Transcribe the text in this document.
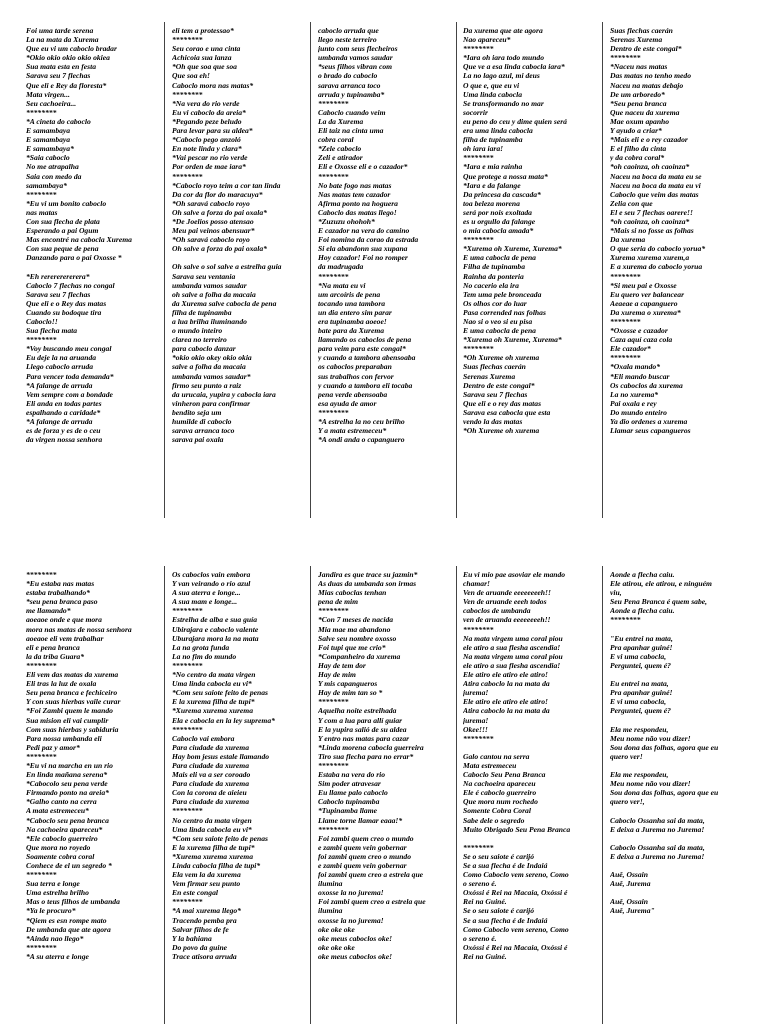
Foi uma tarde serena
La na mata da Xurema
Que eu vi um caboclo bradar
*Okio okio okio okio okiea
Sua mata esta en festa
Sarava seu 7 flechas
Que eli e Rey da floresta*
Mata virgen...
Seu cachoeira...
********
*A cineta do caboclo
E samambaya
E samambaya
E samambaya*
*Saia caboclo
No me atrapalha
Saia con medo da
samambaya*
********
*Eu vi um bonito caboclo
nas matas
Con sua flecha de plata
Esperando a pai Ogum
Mas encontré na cabocla Xurema
Con sua peque de pena
Danzando para o pai Oxosse *

*Eh rerererererera*
Caboclo 7 flechas no congal
Sarava seu 7 flechas
Que eli e o Rey das matas
Cuando su bodoque tira
Caboclo!!
Sua flecha mata
********
*Voy buscando meu congal
Eu deje la na aruanda
Llego caboclo arruda
Para vencer toda demanda*
*A falange de arruda
Vem sempre com a bondade
Eli anda en todas partes
espalhando a caridade*
*A falange de arruda
es de forza y es de o ceu
da virgen nossa senhora
eli tem a protessao*
********
Seu corao e una cinta
Achicoia sua lanza
*Oh que soa que soa
Que soa eh!
Caboclo mora nas matas*
********
*Na vera do rio verde
Eu vi caboclo da areia*
*Pegando peze beludo
Para levar para su aldea*
*Caboclo pego anzoló
En note linda y clara*
*Vai pescar no rio verde
Por orden de mae iara*
********
*Caboclo royo teim a cor tan linda
Da cor da flor do maracuya*
*Oh saravá caboclo royo
Oh salve a forza do pai oxala*
*De Joelios posso atensao
Meu pai veinos abensuar*
*Oh saravá caboclo royo
Oh salve a forza do pai oxala*

Oh salve o sol salve a estrelha guia
Sarava seu ventania
umbanda vamos saudar
oh salve a folha da macaia
da Xurema salve cabocla de pena
filha de tupinamba
a lua brilha iluminando
o mundo inteiro
clarea no terreiro
para caboclo danzar
*okio okio okey okio okia
salve a folha da macaia
umbanda vamos saudar*
firmo seu punto a raiz
da urucaia, yupira y cabocla iara
vinheron para confirmar
bendito seja um
humilde di caboclo
sarava arranca toco
sarava pai oxala
caboclo arruda que
llego neste terreiro
junto com seus flecheiros
umbanda vamos saudar
*seus filhos vibran com
o brado do caboclo
sarava arranca toco
arruda y tupinamba*
********
Caboclo cuando veim
La da Xurema
Eli taiz na cinta uma
cobra coral
*Zele caboclo
Zeli e atirador
Eli e Oxosse eli e o cazador*
********
No bate fogo nas matas
Nas matas tem cazador
Afirma ponto na hoguera
Caboclo das matas llego!
*Zuzuzu ohohoh*
E cazador na vera do camino
Foi nomina da corao da estrada
Si ela abandonn sua xupana
Hoy cazador! Foi no romper
da madrugada
********
*Na mata eu vi
um arcoíris de pena
tocando una tambora
un dia entero sim parar
era tupinamba aoeoe!
bate para da Xurema
llamando os caboclos de pena
para veim para este congal*
y cuando a tambora abensoaba
os caboclos preparaban
sus trabalhos con fervor
y cuando a tambora eli tocaba
pena verde abensoaba
esa ayuda de amor
********
*A estrelha la no ceu brilho
Y a mata estremeceu*
*A ondi anda o capanguero
Da xurema que ate agora
Nao apareceu*
********
*Iara oh iara todo mundo
Que ve a esa linda cabocla iara*
La no lago azul, mi deus
O que e, que eu vi
Uma linda cabocla
Se transformando no mar
socorrir
eu peno do ceu y dime quien será
era uma linda cabocla
filha de tupinamba
oh iara iara!
********
*Iara e mia rainha
Que protege a nossa mata*
*Iara e da falange
Da princesa da cascada*
toa beleza morena
será por nois exoltada
es u orgullo da falange
o mia cabocla amada*
********
*Xurema oh Xureme, Xurema*
E uma cabocla de pena
Filha de tupinamba
Rainha da ponteria
No cacerio ela ira
Tem uma pele bronceada
Os olhos cor do luar
Pasa corrended nas folhas
Nao si o veo si eu pisa
E uma cabocla de pena
*Xurema oh Xureme, Xurema*
********
*Oh Xureme oh xurema
Suas flechas caerán
Serenas Xurema
Dentro de este congal*
Sarava seu 7 flechas
Que eli e o rey das matas
Sarava esa cabocla que esta
vendo la das matas
*Oh Xureme oh xurema
Suas flechas caerán
Serenas Xurema
Dentro de este congal*
********
*Naceu nas matas
Das matas no tenho medo
Naceu na matas debajo
De um arboredo*
*Seu pena branca
Que naceu da xurema
Mae oxum apanho
Y ayudo a criar*
*Mais eli e o rey cazador
E el filho da cinta
y da cobra coral*
*oh caoinza, oh caoinza*
Naceu na boca da mata eu se
Naceu na boca da mata eu vi
Caboclo que veim das matas
Zelia con que
El e seu 7 flechas oarere!!
*oh caoinza, oh caoinza*
*Mais si no fosse as folhas
Da xurema
O que seria do caboclo yorua*
Xurema xurema xurem,a
E a xurema do caboclo yorua
********
*Si meu pai e Oxosse
Eu quero ver balancear
Aeaeae a capanguero
Da xurema o xurema*
********
*Oxosse e cazador
Caza aquí caza cola
Ele cazador*
********
*Oxala mando*
*Eli mando buscar
Os caboclos da xurema
La no xurema*
Pai oxala e rey
Do mundo enteiro
Ya dio ordenes a xurema
Llamar seus capangueros
********
*Eu estaba nas matas
estaba trabalhando*
*seu pena branca paso
me llamando*
aoeaoe onde e que mora
mora nas matas de nossa senhora
aoeaoe eli vem trabalhar
eli e pena branca
la da triba Guara*
********
Eli vem das matas da xurema
Eli tras la luz de oxala
Seu pena branca e fechiceiro
Y con suas hierbas vaile curar
*Foi Zambi quem le mando
Sua mision eli vai cumplir
Com suas hierbas y sabiduria
Para nossa umbanda eli
Pedi paz y amor*
********
*Eu vi na marcha en un rio
En linda mañana serena*
*Cabocolo seu pena verde
Firmando ponto na areia*
*Galho canto na cerra
A mata estremeceu*
*Caboclo seu pena branca
Na cachoeira apareceu*
*Ele caboclo guerreiro
Que mora no royedo
Soamente cobra coral
Conhece de el un segredo *
********
Sua terra e longe
Uma estrelha brilho
Mas o teus filhos de umbanda
*Ya le procuro*
*Qiem es esn rompe mato
De umbanda que ate agora
*Ainda nao llego*
********
*A su aterra e longe
Os caboclos vain embora
Y van veirando o rio azul
A sua aterra e longe...
A sua mam e longe...
********
Estrelha de alba e sua guía
Ubirajara e caboclo valente
Uburajara mora la na mata
La na grota funda
La no fim do mundo
********
*No centro da mata virgen
Uma linda cabocla eu vi*
*Com seu saiote feito de penas
E la xurema filha de tupi*
*Xurema xurema xurema
Ela e cabocla en la ley suprema*
********
Caboclo vai embora
Para ciudade da xurema
Hay bom jesus estale llamando
Para ciudade da xurema
Mais eli va a ser coroado
Para ciudade da xurema
Con la corona de aieieu
Para ciudade da xurema
********
No centro da mata virgen
Uma linda cabocla eu vi*
*Com seu saiote feito de penas
E la xurema filha de tupi*
*Xurema xurema xurema
Linda cabocla filha de tupi*
Ela vem la da xurema
Vem firmar seu punto
En este congal
********
*A mai xurema llego*
Tracendo pemba pra
Salvar filhos de fe
Y la bahiana
Do povo da guine
Trace atisora arruda
Jandira es que trace su jazmin*
As duas da umbanda son irmas
Mias caboclas tenhan
pena de mim
********
*Con 7 meses de nacida
Mia mae ma abandono
Salve seu nombre oxosso
Foi tupi que me crio*
*Companheiro da xurema
Hay de tem dor
Hay de mim
Y mis capangueros
Hay de mim tan so *
********
Aquelha noite estrelhada
Y com a lua para allí guiar
E la yupira salió de su aldea
Y entro nas matas para cazar
*Linda morena cabocla guerreira
Tiro sua flecha para no errar*
********
Estaba na vera do rio
Sim poder atravesar
Eu llame palo caboclo
Caboclo tupinamba
*Tupinamba llame
Llame torne llamar eaaa!*
********
Foi zambi quem creo o mundo
e zambi quem vein gobernar
foi zambi quem creo o mundo
e zambi quem vein gobernar
foi zambi quem creo a estrela que
ilumina
oxosse la no jurema!
Foi zambi quem creo a estrela que
ilumina
oxosse la no jurema!
oke oke oke
oke meus caboclos oke!
oke oke oke
oke meus caboclos oke!
Eu vi mio pae asoviar ele mando
chamar!
Ven de aruande eeeeeeeeh!!
Ven de aruande eeeh todos
caboclos de umbanda
ven de aruanda eeeeeeeeh!!
********
Na mata virgem uma coral piou
ele atiro a sua flesha ascendia!
Na mata virgem uma coral piou
ele atiro a sua flesha ascendia!
Ele atiro ele atiro ele atiro!
Atira caboclo la na mata da
jurema!
Ele atiro ele atiro ele atiro!
Atira caboclo la na mata da
jurema!
Okee!!!
********

Galo cantou na serra
Mata estremeceu
Caboclo Seu Pena Branca
Na cachoeira apareceu
Ele é caboclo guerreiro
Que mora num rochedo
Somente Cobra Coral
Sabe dele o segredo
Muito Obrigado Seu Pena Branca

********
Se o seu saiote é carijó
Se a sua flecha é de Indaiá
Como Caboclo vem sereno, Como
o sereno é.
Oxóssi é Rei na Macaia, Oxóssi é
Rei na Guiné.
Se o seu saiote é carijó
Se a sua flecha é de Indaiá
Como Caboclo vem sereno, Como
o sereno é.
Oxóssi é Rei na Macaia, Oxóssi é
Rei na Guiné.
Aonde a flecha caiu.
Ele atirou, ele atirou, e ninguém
viu,
Seu Pena Branca é quem sabe,
Aonde a flecha caiu.
********

"Eu entrei na mata,
Pra apanhar guiné!
E vi uma cabocla,
Perguntei, quem é?

Eu entrei na mata,
Pra apanhar guiné!
E vi uma cabocla,
Perguntei, quem é?

Ela me respondeu,
Meu nome não vou dizer!
Sou dona das folhas, agora que eu
quero ver!

Ela me respondeu,
Meu nome não vou dizer!
Sou dona das folhas, agora que eu
quero ver!,

Caboclo Ossanha sai da mata,
E deixa a Jurema no Jurema!

Caboclo Ossanha sai da mata,
E deixa a Jurema no Jurema!

Auê, Ossain
Auê, Jurema

Auê, Ossain
Auê, Jurema"
